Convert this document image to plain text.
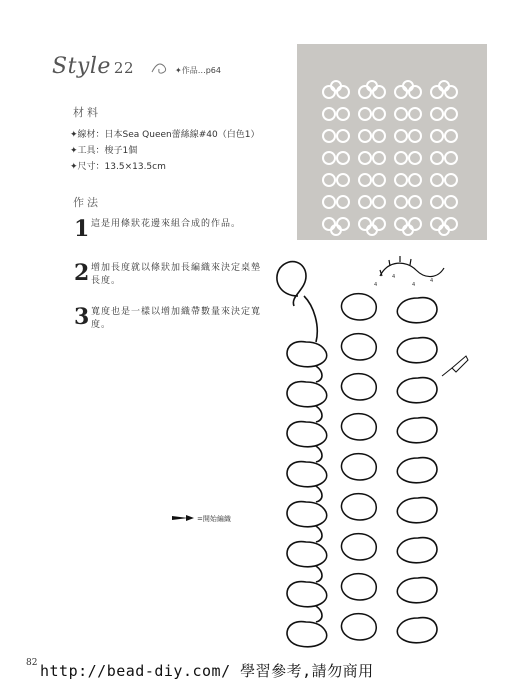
Style 22	✦作品…p64
材料
✦線材：日本Sea Queen蕾絲線#40（白色1）
✦工具：梭子1個
✦尺寸：13.5×13.5cm
作法
1 這是用條狀花邊來組合成的作品。
2 增加長度就以條狀加長編織來決定桌墊長度。
3 寬度也是一樣以增加織帶數量來決定寬度。
4
4
4
4
=開始編織
82 http://bead-diy.com/ 學習參考,請勿商用
